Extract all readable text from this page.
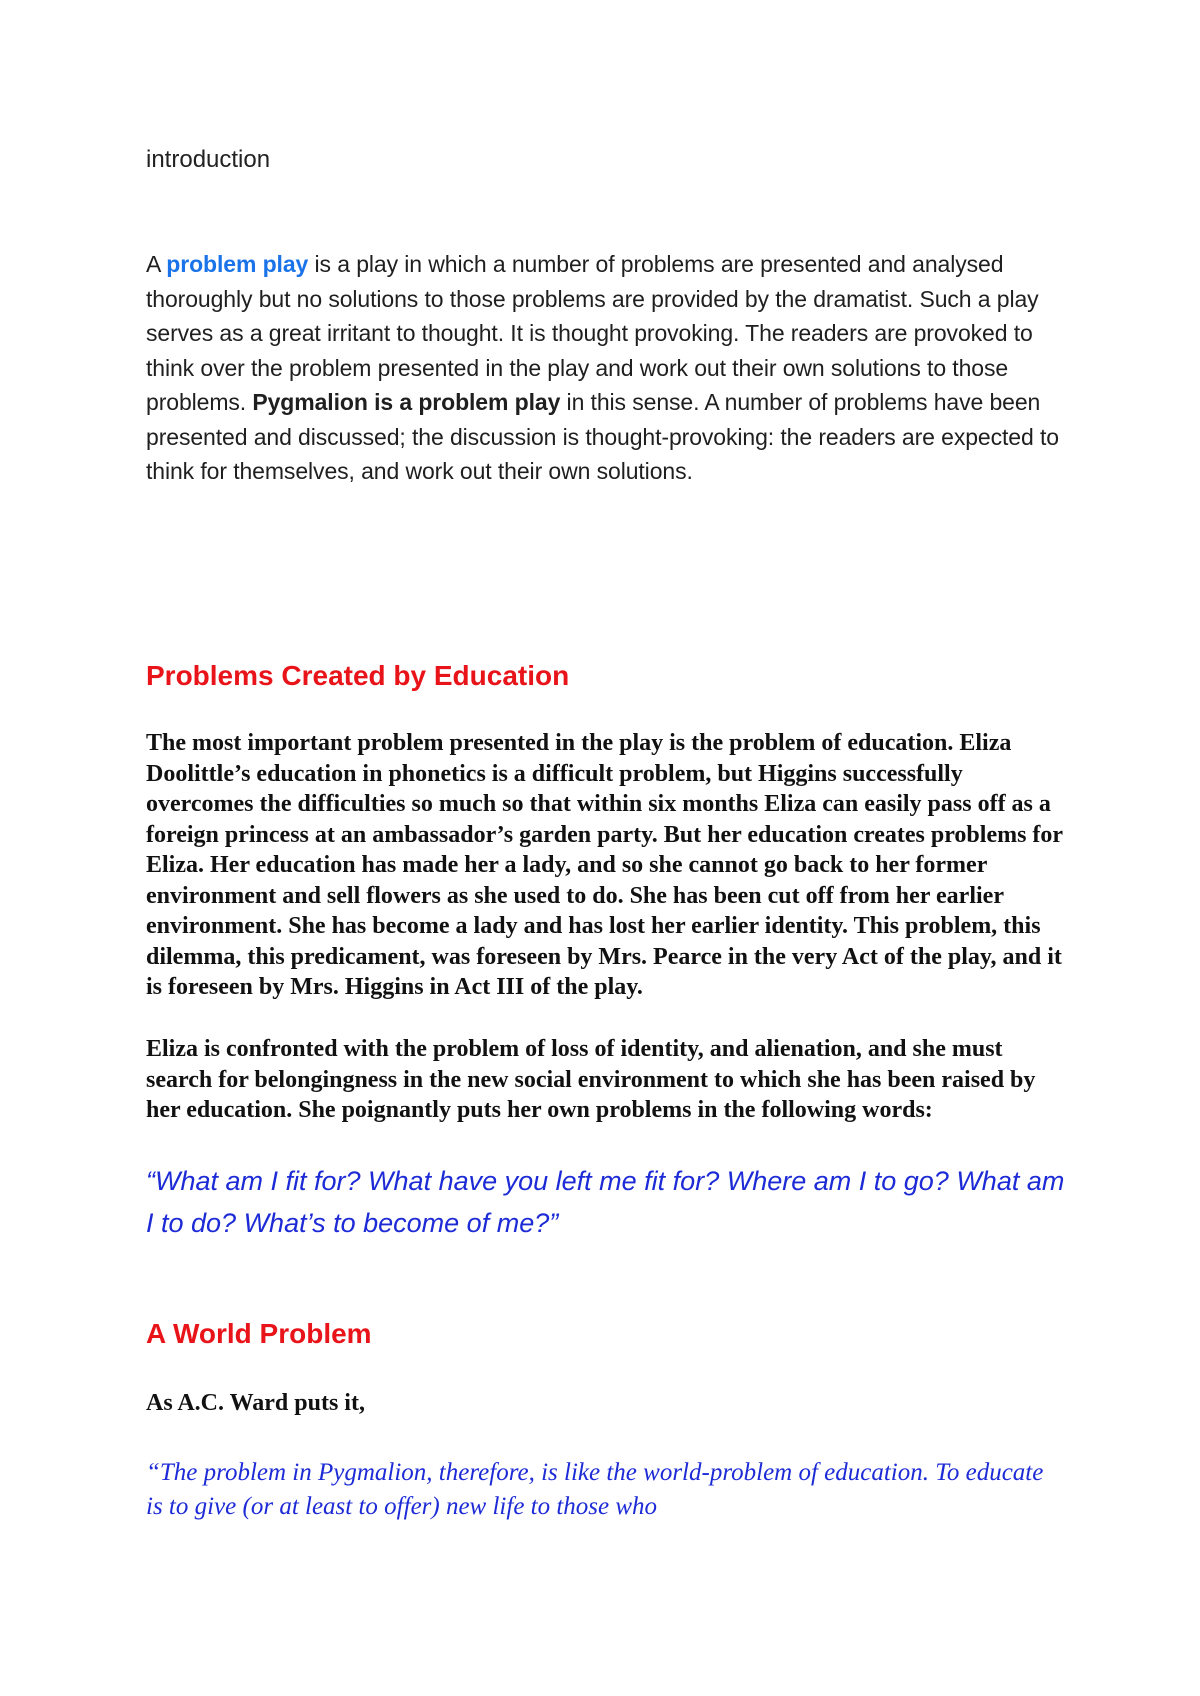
introduction

A problem play is a play in which a number of problems are presented and analysed thoroughly but no solutions to those problems are provided by the dramatist. Such a play serves as a great irritant to thought. It is thought provoking. The readers are provoked to think over the problem presented in the play and work out their own solutions to those problems. Pygmalion is a problem play in this sense. A number of problems have been presented and discussed; the discussion is thought-provoking: the readers are expected to think for themselves, and work out their own solutions.

Problems Created by Education

The most important problem presented in the play is the problem of education. Eliza Doolittle’s education in phonetics is a difficult problem, but Higgins successfully overcomes the difficulties so much so that within six months Eliza can easily pass off as a foreign princess at an ambassador’s garden party. But her education creates problems for Eliza. Her education has made her a lady, and so she cannot go back to her former environment and sell flowers as she used to do. She has been cut off from her earlier environment. She has become a lady and has lost her earlier identity. This problem, this dilemma, this predicament, was foreseen by Mrs. Pearce in the very Act of the play, and it is foreseen by Mrs. Higgins in Act III of the play.

Eliza is confronted with the problem of loss of identity, and alienation, and she must search for belongingness in the new social environment to which she has been raised by her education. She poignantly puts her own problems in the following words:

“What am I fit for? What have you left me fit for? Where am I to go? What am I to do? What’s to become of me?”

A World Problem

As A.C. Ward puts it,

“The problem in Pygmalion, therefore, is like the world-problem of education. To educate is to give (or at least to offer) new life to those who
